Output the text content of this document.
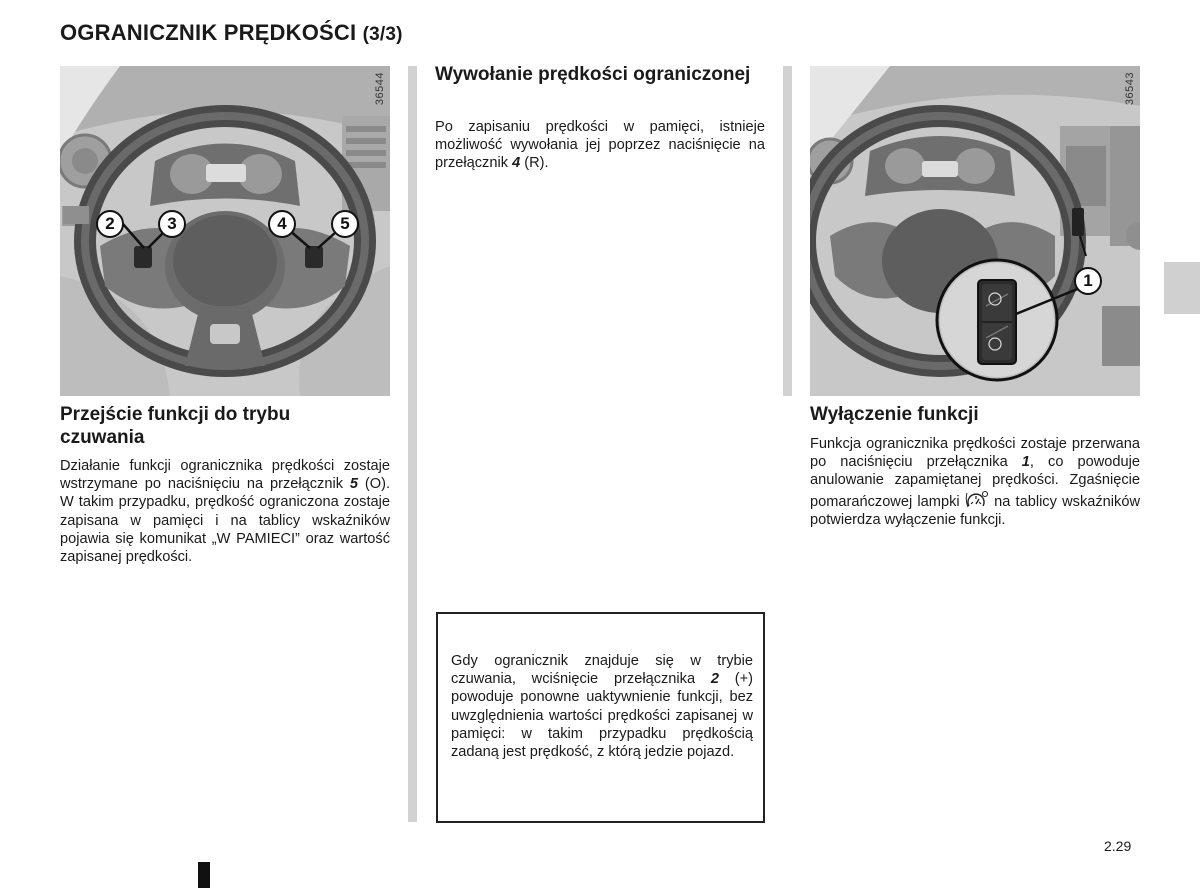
OGRANICZNIK PRĘDKOŚCI (3/3)
36544
2	3	4	5
Przejście funkcji do trybu czuwania
Działanie funkcji ogranicznika prędkości zostaje wstrzymane po naciśnięciu na przełącznik 5 (O). W takim przypadku, prędkość ograniczona zostaje zapisana w pamięci i na tablicy wskaźników pojawia się komunikat „W PAMIECI” oraz wartość zapisanej prędkości.
Wywołanie prędkości ograniczonej
Po zapisaniu prędkości w pamięci, istnieje możliwość wywołania jej poprzez naciśnięcie na przełącznik 4 (R).
Gdy ogranicznik znajduje się w trybie czuwania, wciśnięcie przełącznika 2 (+) powoduje ponowne uaktywnienie funkcji, bez uwzględnienia wartości prędkości zapisanej w pamięci: w takim przypadku prędkością zadaną jest prędkość, z którą jedzie pojazd.
36543
1
Wyłączenie funkcji
Funkcja ogranicznika prędkości zostaje przerwana po naciśnięciu przełącznika 1, co powoduje anulowanie zapamiętanej prędkości. Zgaśnięcie pomarańczowej lampki  na tablicy wskaźników potwierdza wyłączenie funkcji.
2.29
